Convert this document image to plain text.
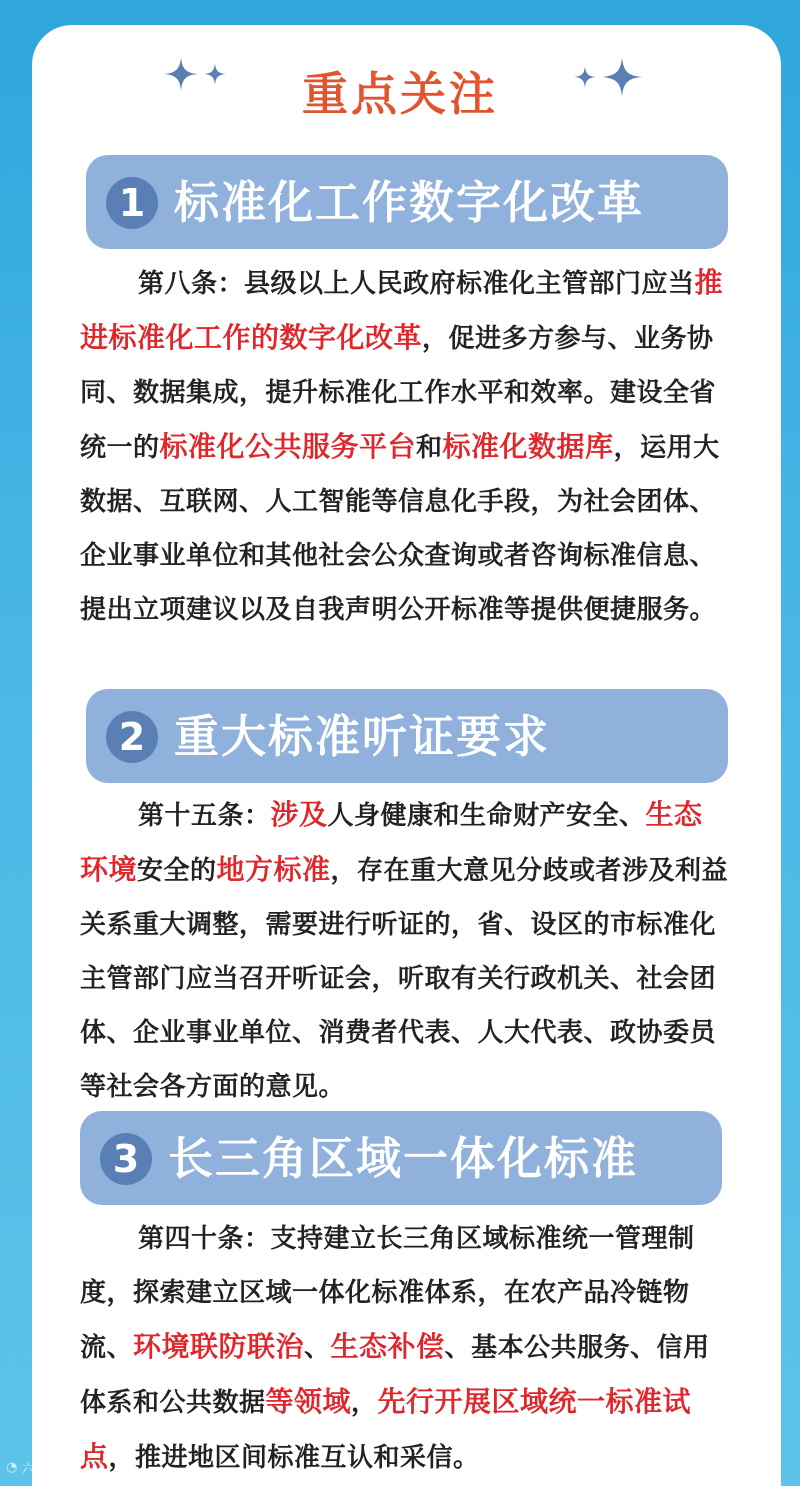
重点关注
1 标准化工作数字化改革
第八条：县级以上人民政府标准化主管部门应当推进标准化工作的数字化改革，促进多方参与、业务协同、数据集成，提升标准化工作水平和效率。建设全省统一的标准化公共服务平台和标准化数据库，运用大数据、互联网、人工智能等信息化手段，为社会团体、企业事业单位和其他社会公众查询或者咨询标准信息、提出立项建议以及自我声明公开标准等提供便捷服务。
2 重大标准听证要求
第十五条：涉及人身健康和生命财产安全、生态环境安全的地方标准，存在重大意见分歧或者涉及利益关系重大调整，需要进行听证的，省、设区的市标准化主管部门应当召开听证会，听取有关行政机关、社会团体、企业事业单位、消费者代表、人大代表、政协委员等社会各方面的意见。
3 长三角区域一体化标准
第四十条：支持建立长三角区域标准统一管理制度，探索建立区域一体化标准体系，在农产品冷链物流、环境联防联治、生态补偿、基本公共服务、信用体系和公共数据等领域，先行开展区域统一标准试点，推进地区间标准互认和采信。
◔ 六图·投稿
